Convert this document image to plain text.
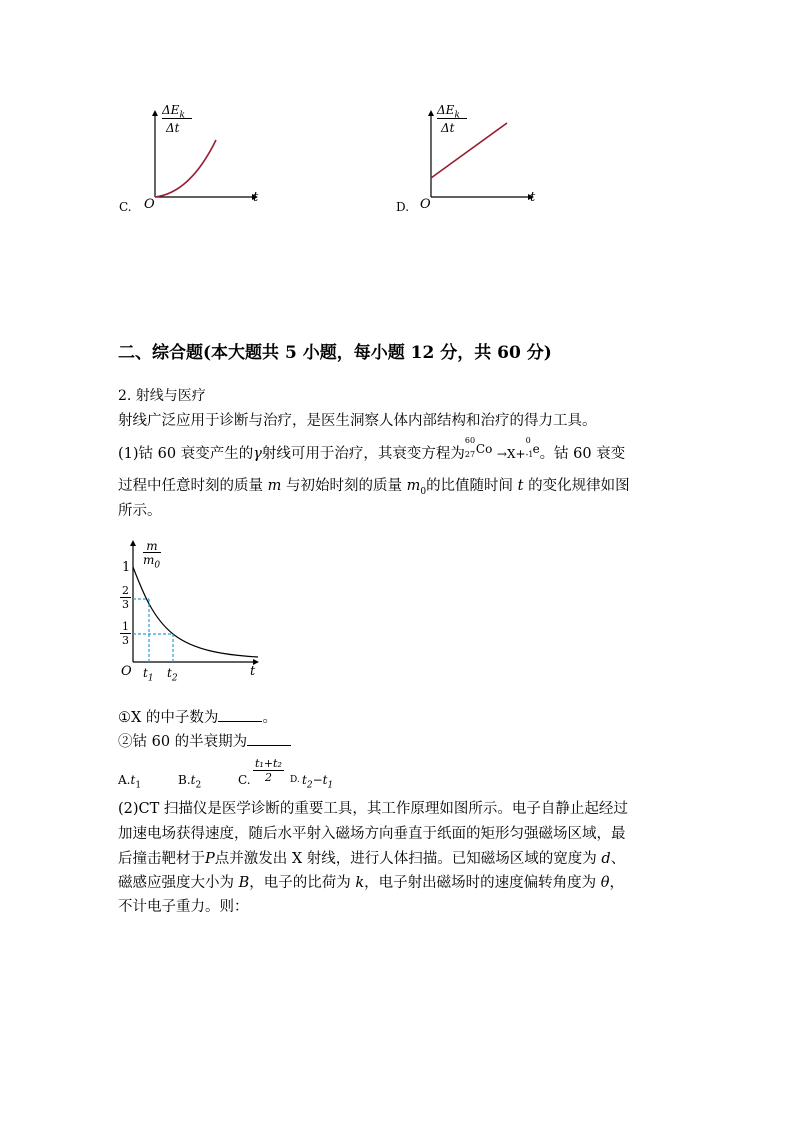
$\Delta E_k$
Δt
C. O	t
$\Delta E_k$
Δt
D. O	t
二、综合题(本大题共 5 小题，每小题 12 分，共 60 分)
2. 射线与医疗
射线广泛应用于诊断与治疗，是医生洞察人体内部结构和治疗的得力工具。
(1)钴 60 衰变产生的γ射线可用于治疗，其衰变方程为
60
27 Co →X+
0
-1 e 。钴 60 衰变
过程中任意时刻的质量 m 与初始时刻的质量 $m_0$的比值随时间 t 的变化规律如图
所示。
m
$m_0$
1
$\frac{2}{3}$
$\frac{1}{3}$
O $t_1$ $t_2$	t
①X 的中子数为	。
②钴 60 的半衰期为
$A.t_1$	$B.t_2$	C. $\frac{\text{t₁+t₂}}{2} D$. $t_2-t_1$
(2)CT 扫描仪是医学诊断的重要工具，其工作原理如图所示。电子自静止起经过
加速电场获得速度，随后水平射入磁场方向垂直于纸面的矩形匀强磁场区域，最
后撞击靶材于P点并激发出 X 射线，进行人体扫描。已知磁场区域的宽度为 d、
磁感应强度大小为 B，电子的比荷为 k，电子射出磁场时的速度偏转角度为 θ，
不计电子重力。则：
